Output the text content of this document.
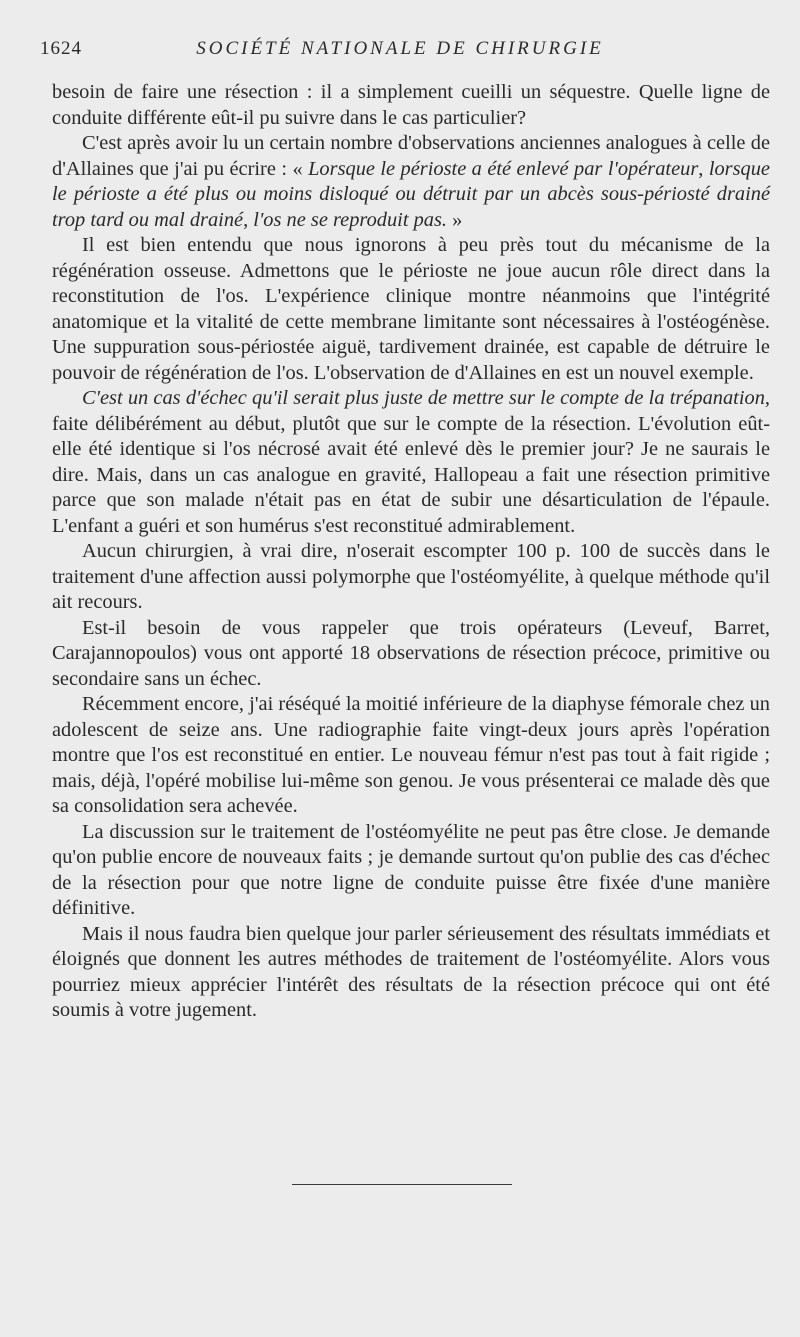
1624	SOCIÉTÉ NATIONALE DE CHIRURGIE

besoin de faire une résection : il a simplement cueilli un séquestre. Quelle ligne de conduite différente eût-il pu suivre dans le cas particulier?

C'est après avoir lu un certain nombre d'observations anciennes analogues à celle de d'Allaines que j'ai pu écrire : « Lorsque le périoste a été enlevé par l'opérateur, lorsque le périoste a été plus ou moins disloqué ou détruit par un abcès sous-périosté drainé trop tard ou mal drainé, l'os ne se reproduit pas. »

Il est bien entendu que nous ignorons à peu près tout du mécanisme de la régénération osseuse. Admettons que le périoste ne joue aucun rôle direct dans la reconstitution de l'os. L'expérience clinique montre néanmoins que l'intégrité anatomique et la vitalité de cette membrane limitante sont nécessaires à l'ostéogénèse. Une suppuration sous-périostée aiguë, tardivement drainée, est capable de détruire le pouvoir de régénération de l'os. L'observation de d'Allaines en est un nouvel exemple.

C'est un cas d'échec qu'il serait plus juste de mettre sur le compte de la trépanation, faite délibérément au début, plutôt que sur le compte de la résection. L'évolution eût-elle été identique si l'os nécrosé avait été enlevé dès le premier jour? Je ne saurais le dire. Mais, dans un cas analogue en gravité, Hallopeau a fait une résection primitive parce que son malade n'était pas en état de subir une désarticulation de l'épaule. L'enfant a guéri et son humérus s'est reconstitué admirablement.

Aucun chirurgien, à vrai dire, n'oserait escompter 100 p. 100 de succès dans le traitement d'une affection aussi polymorphe que l'ostéomyélite, à quelque méthode qu'il ait recours.

Est-il besoin de vous rappeler que trois opérateurs (Leveuf, Barret, Carajannopoulos) vous ont apporté 18 observations de résection précoce, primitive ou secondaire sans un échec.

Récemment encore, j'ai réséqué la moitié inférieure de la diaphyse fémorale chez un adolescent de seize ans. Une radiographie faite vingt-deux jours après l'opération montre que l'os est reconstitué en entier. Le nouveau fémur n'est pas tout à fait rigide ; mais, déjà, l'opéré mobilise lui-même son genou. Je vous présenterai ce malade dès que sa consolidation sera achevée.

La discussion sur le traitement de l'ostéomyélite ne peut pas être close. Je demande qu'on publie encore de nouveaux faits ; je demande surtout qu'on publie des cas d'échec de la résection pour que notre ligne de conduite puisse être fixée d'une manière définitive.

Mais il nous faudra bien quelque jour parler sérieusement des résultats immédiats et éloignés que donnent les autres méthodes de traitement de l'ostéomyélite. Alors vous pourriez mieux apprécier l'intérêt des résultats de la résection précoce qui ont été soumis à votre jugement.
